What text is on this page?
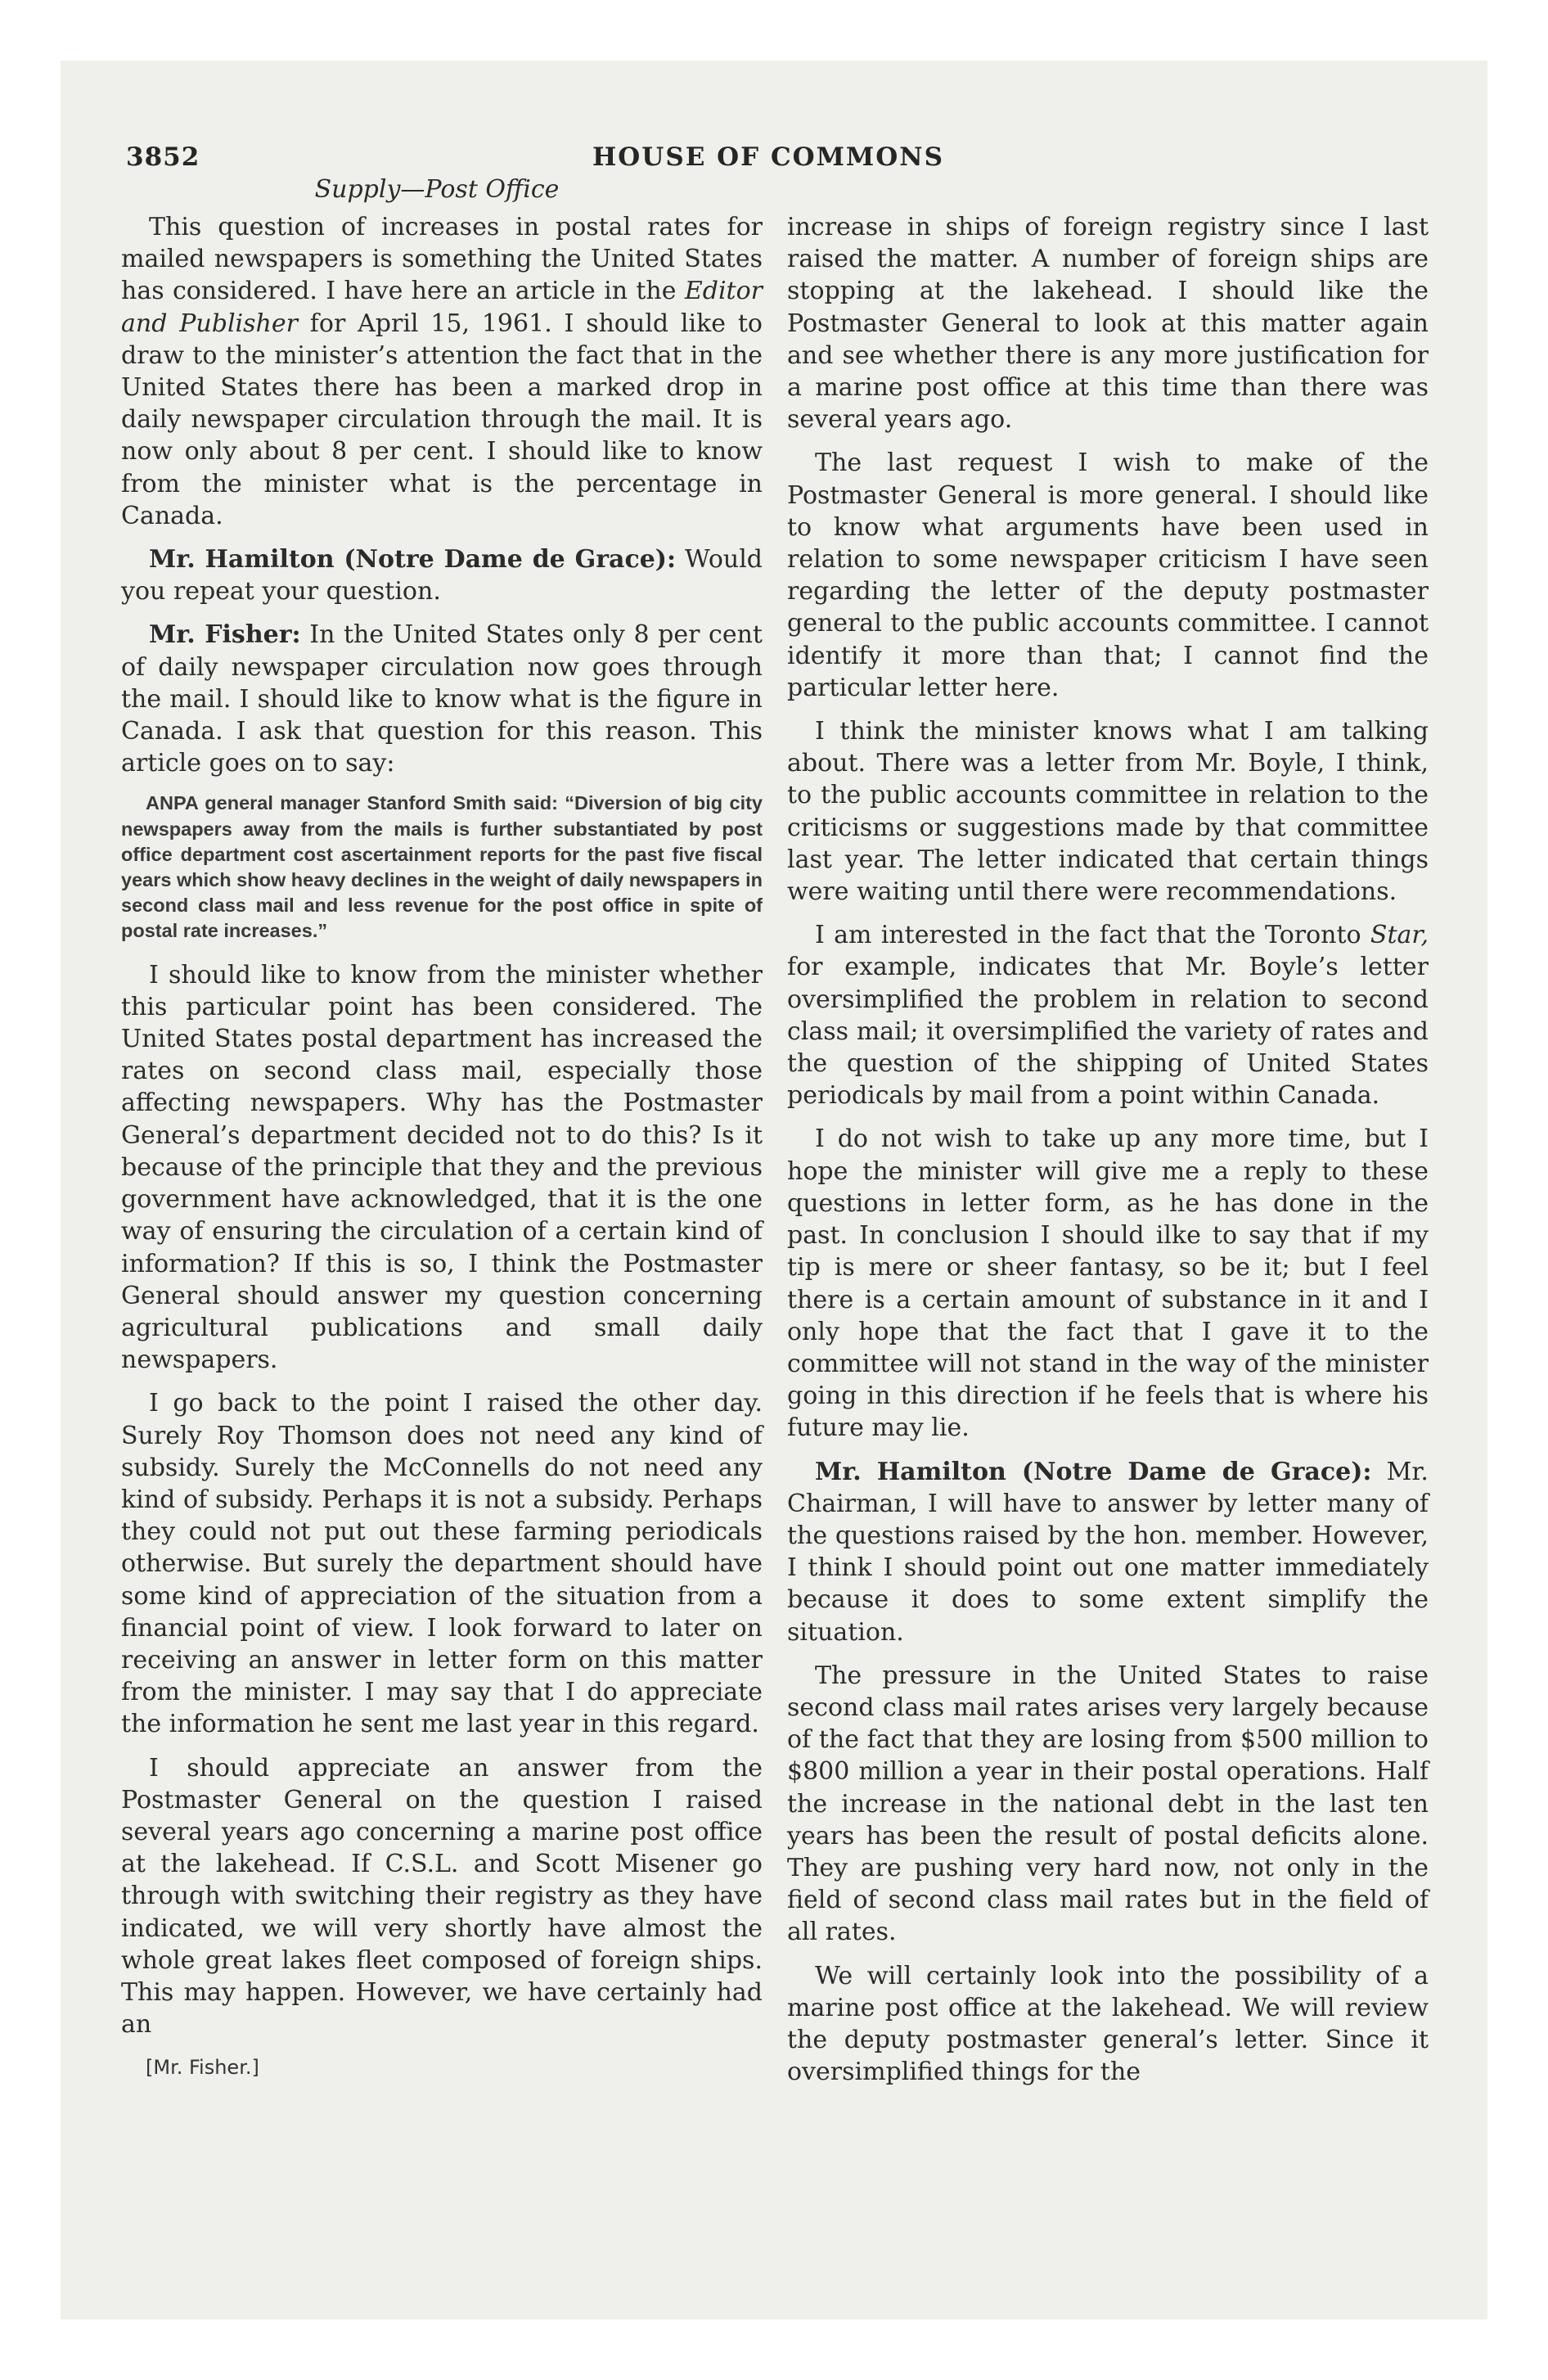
3852	HOUSE OF COMMONS
Supply—Post Office

This question of increases in postal rates for mailed newspapers is something the United States has considered. I have here an article in the Editor and Publisher for April 15, 1961. I should like to draw to the minister’s attention the fact that in the United States there has been a marked drop in daily newspaper circulation through the mail. It is now only about 8 per cent. I should like to know from the minister what is the percentage in Canada.

Mr. Hamilton (Notre Dame de Grace): Would you repeat your question.

Mr. Fisher: In the United States only 8 per cent of daily newspaper circulation now goes through the mail. I should like to know what is the figure in Canada. I ask that question for this reason. This article goes on to say:

ANPA general manager Stanford Smith said: “Diversion of big city newspapers away from the mails is further substantiated by post office department cost ascertainment reports for the past five fiscal years which show heavy declines in the weight of daily newspapers in second class mail and less revenue for the post office in spite of postal rate increases.”

I should like to know from the minister whether this particular point has been considered. The United States postal department has increased the rates on second class mail, especially those affecting newspapers. Why has the Postmaster General’s department decided not to do this? Is it because of the principle that they and the previous government have acknowledged, that it is the one way of ensuring the circulation of a certain kind of information? If this is so, I think the Postmaster General should answer my question concerning agricultural publications and small daily newspapers.

I go back to the point I raised the other day. Surely Roy Thomson does not need any kind of subsidy. Surely the McConnells do not need any kind of subsidy. Perhaps it is not a subsidy. Perhaps they could not put out these farming periodicals otherwise. But surely the department should have some kind of appreciation of the situation from a financial point of view. I look forward to later on receiving an answer in letter form on this matter from the minister. I may say that I do appreciate the information he sent me last year in this regard.

I should appreciate an answer from the Postmaster General on the question I raised several years ago concerning a marine post office at the lakehead. If C.S.L. and Scott Misener go through with switching their registry as they have indicated, we will very shortly have almost the whole great lakes fleet composed of foreign ships. This may happen. However, we have certainly had an

[Mr. Fisher.]

increase in ships of foreign registry since I last raised the matter. A number of foreign ships are stopping at the lakehead. I should like the Postmaster General to look at this matter again and see whether there is any more justification for a marine post office at this time than there was several years ago.

The last request I wish to make of the Postmaster General is more general. I should like to know what arguments have been used in relation to some newspaper criticism I have seen regarding the letter of the deputy postmaster general to the public accounts committee. I cannot identify it more than that; I cannot find the particular letter here.

I think the minister knows what I am talking about. There was a letter from Mr. Boyle, I think, to the public accounts committee in relation to the criticisms or suggestions made by that committee last year. The letter indicated that certain things were waiting until there were recommendations.

I am interested in the fact that the Toronto Star, for example, indicates that Mr. Boyle’s letter oversimplified the problem in relation to second class mail; it oversimplified the variety of rates and the question of the shipping of United States periodicals by mail from a point within Canada.

I do not wish to take up any more time, but I hope the minister will give me a reply to these questions in letter form, as he has done in the past. In conclusion I should ilke to say that if my tip is mere or sheer fantasy, so be it; but I feel there is a certain amount of substance in it and I only hope that the fact that I gave it to the committee will not stand in the way of the minister going in this direction if he feels that is where his future may lie.

Mr. Hamilton (Notre Dame de Grace): Mr. Chairman, I will have to answer by letter many of the questions raised by the hon. member. However, I think I should point out one matter immediately because it does to some extent simplify the situation.

The pressure in the United States to raise second class mail rates arises very largely because of the fact that they are losing from $500 million to $800 million a year in their postal operations. Half the increase in the national debt in the last ten years has been the result of postal deficits alone. They are pushing very hard now, not only in the field of second class mail rates but in the field of all rates.

We will certainly look into the possibility of a marine post office at the lakehead. We will review the deputy postmaster general’s letter. Since it oversimplified things for the
